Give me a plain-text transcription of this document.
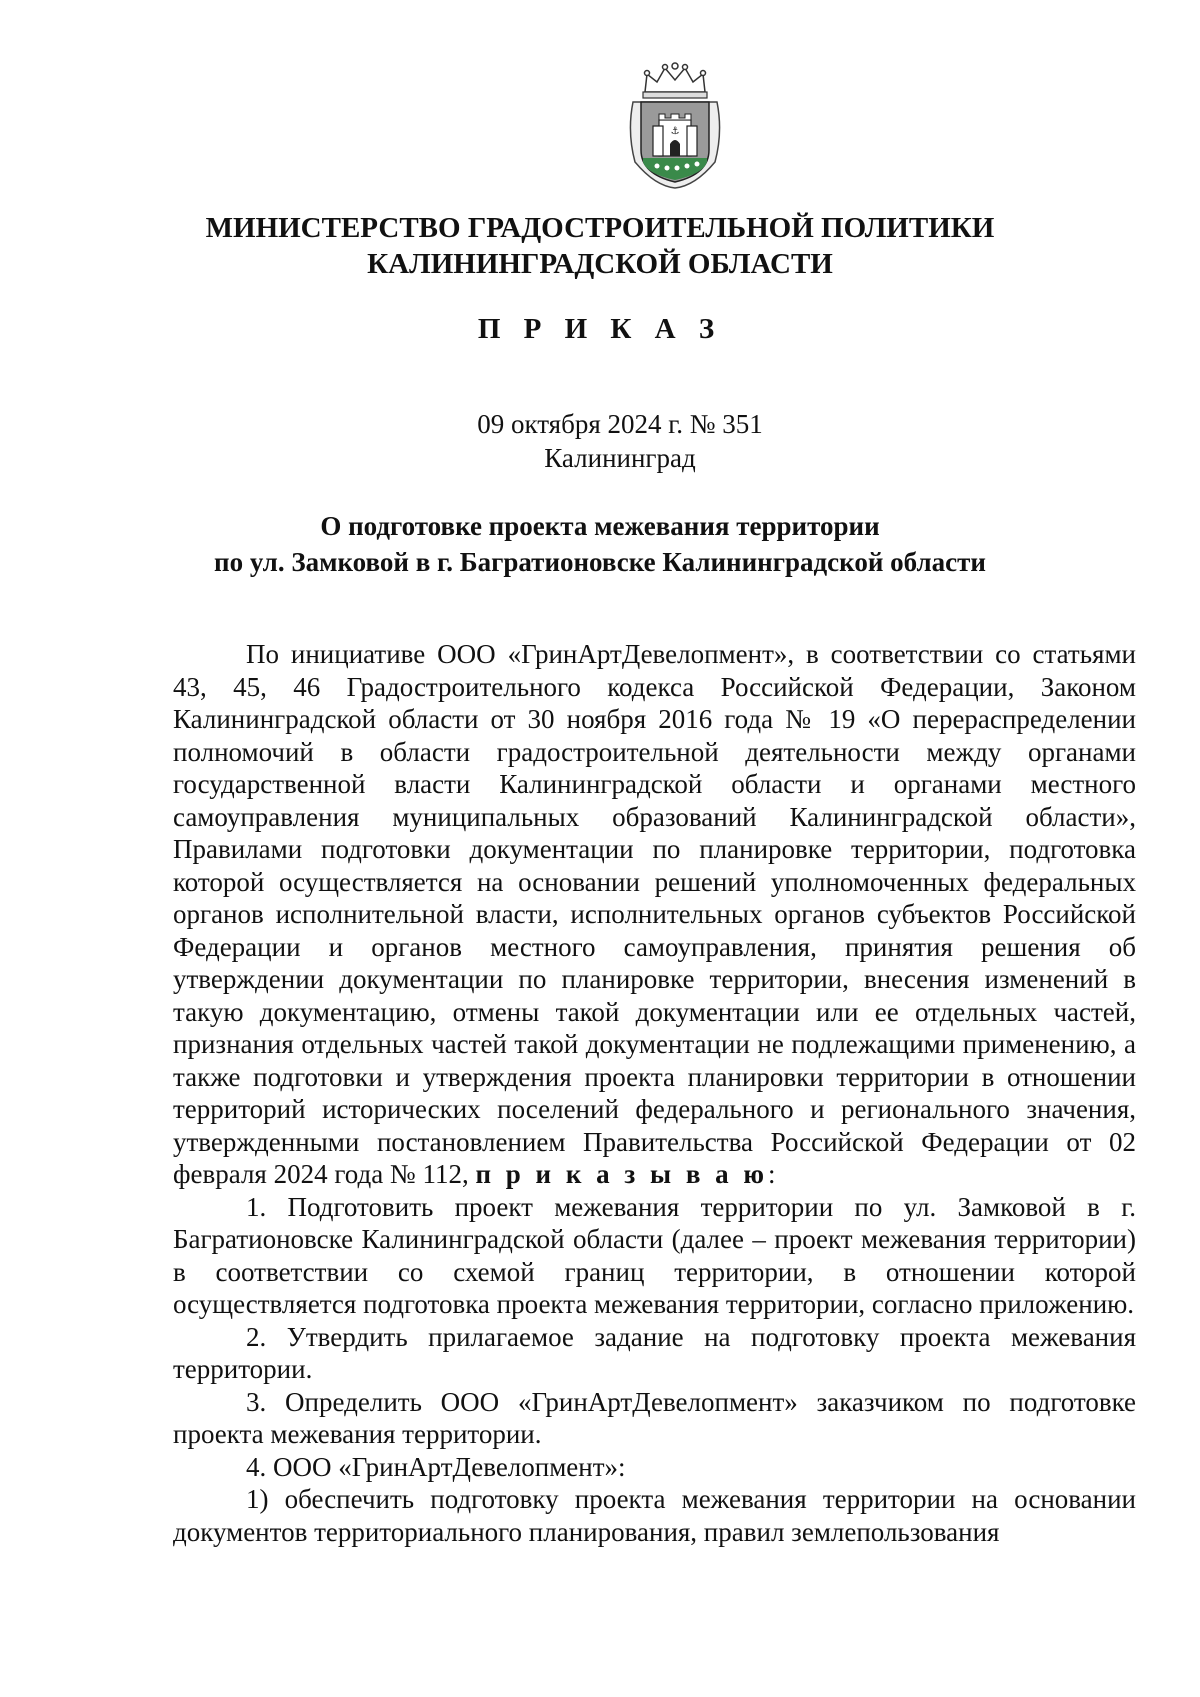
⚓
МИНИСТЕРСТВО ГРАДОСТРОИТЕЛЬНОЙ ПОЛИТИКИ
КАЛИНИНГРАДСКОЙ ОБЛАСТИ
П Р И К А З
09 октября 2024 г. № 351
Калининград
О подготовке проекта межевания территории
по ул. Замковой в г. Багратионовске Калининградской области

По инициативе ООО «ГринАртДевелопмент», в соответствии со статьями 43, 45, 46 Градостроительного кодекса Российской Федерации, Законом Калининградской области от 30 ноября 2016 года № 19 «О перераспределении полномочий в области градостроительной деятельности между органами государственной власти Калининградской области и органами местного самоуправления муниципальных образований Калининградской области», Правилами подготовки документации по планировке территории, подготовка которой осуществляется на основании решений уполномоченных федеральных органов исполнительной власти, исполнительных органов субъектов Российской Федерации и органов местного самоуправления, принятия решения об утверждении документации по планировке территории, внесения изменений в такую документацию, отмены такой документации или ее отдельных частей, признания отдельных частей такой документации не подлежащими применению, а также подготовки и утверждения проекта планировки территории в отношении территорий исторических поселений федерального и регионального значения, утвержденными постановлением Правительства Российской Федерации от 02 февраля 2024 года № 112, п р и к а з ы в а ю:

1. Подготовить проект межевания территории по ул. Замковой в г. Багратионовске Калининградской области (далее – проект межевания территории) в соответствии со схемой границ территории, в отношении которой осуществляется подготовка проекта межевания территории, согласно приложению.

2. Утвердить прилагаемое задание на подготовку проекта межевания территории.

3. Определить ООО «ГринАртДевелопмент» заказчиком по подготовке проекта межевания территории.

4. ООО «ГринАртДевелопмент»:

1) обеспечить подготовку проекта межевания территории на основании документов территориального планирования, правил землепользования
